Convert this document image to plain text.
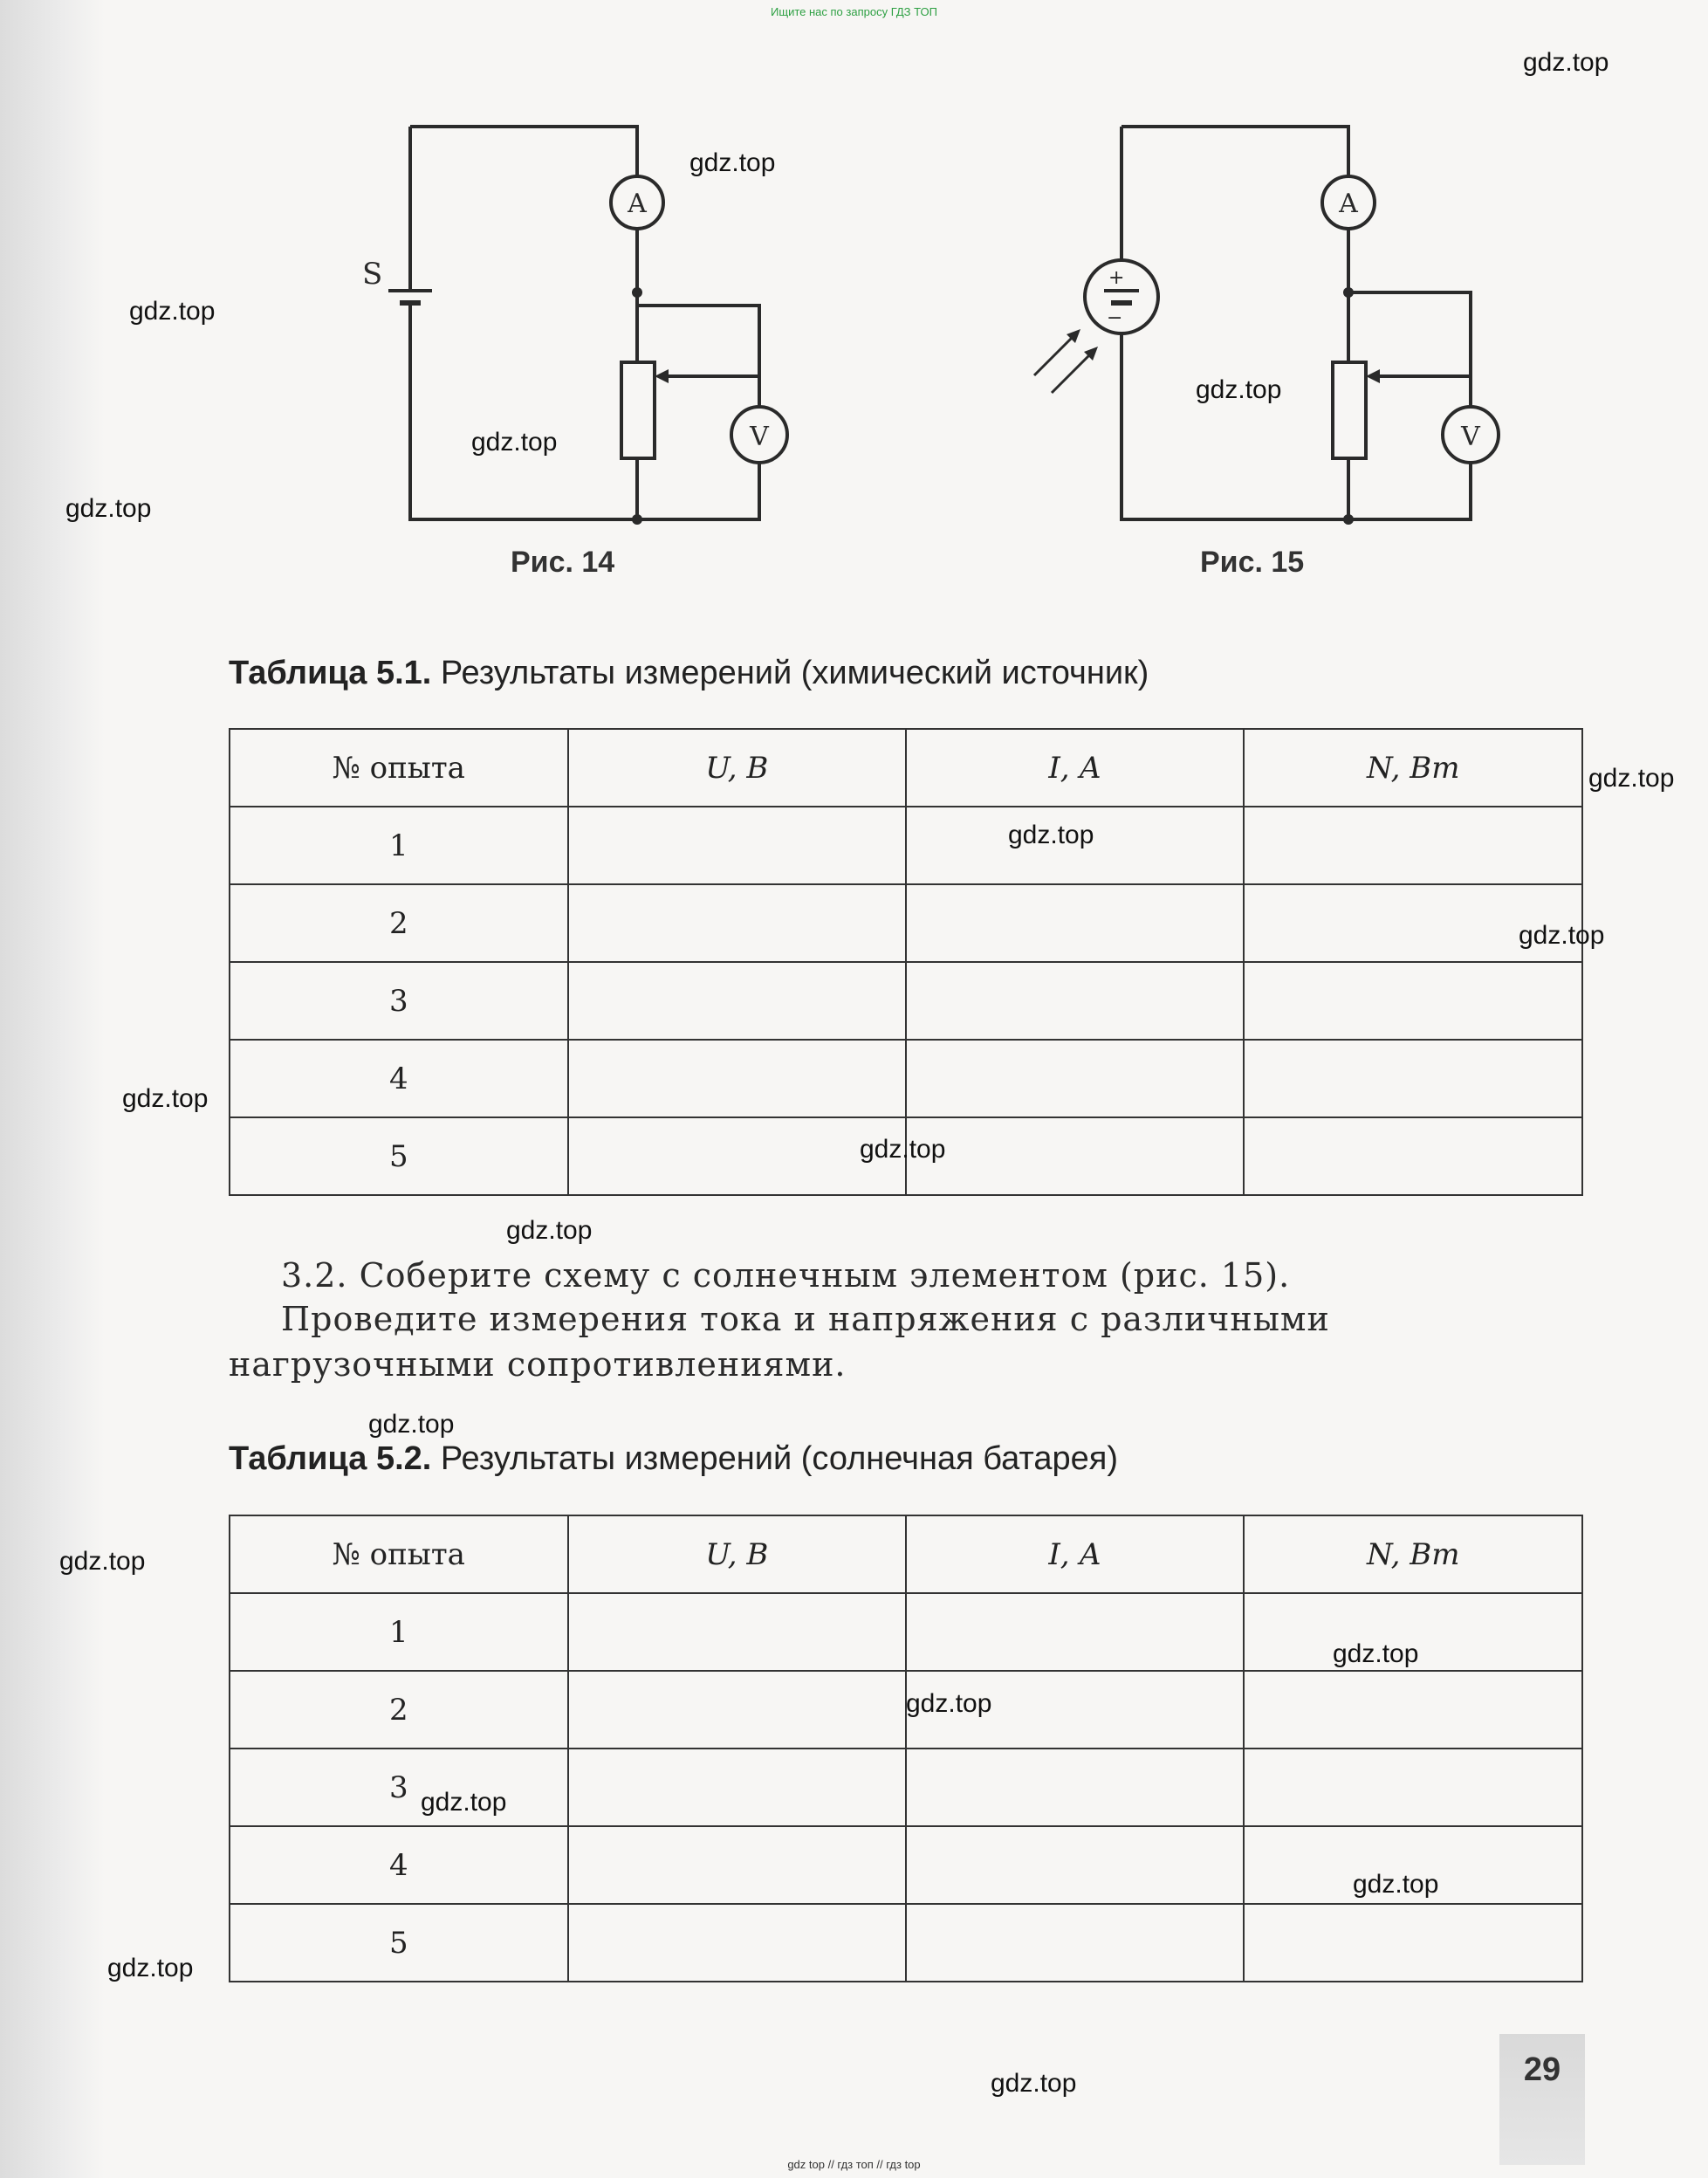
Ищите нас по запросу ГДЗ ТОП
S
A
V
Рис. 14
+
−
A
V
Рис. 15
Таблица 5.1. Результаты измерений (химический источник)
№ опыта	U, В	I, А	N, Вт
1			
2			
3			
4			
5			
3.2. Соберите схему с солнечным элементом (рис. 15).
Проведите измерения тока и напряжения с различными нагрузочными сопротивлениями.
Таблица 5.2. Результаты измерений (солнечная батарея)
№ опыта	U, В	I, А	N, Вт
1			
2			
3			
4			
5			
29
gdz.top
gdz.top
gdz.top
gdz.top
gdz.top
gdz.top
gdz.top
gdz.top
gdz.top
gdz.top
gdz.top
gdz.top
gdz.top
gdz.top
gdz.top
gdz.top
gdz.top
gdz.top
gdz.top
gdz.top
gdz top // гдз топ // гдз top
